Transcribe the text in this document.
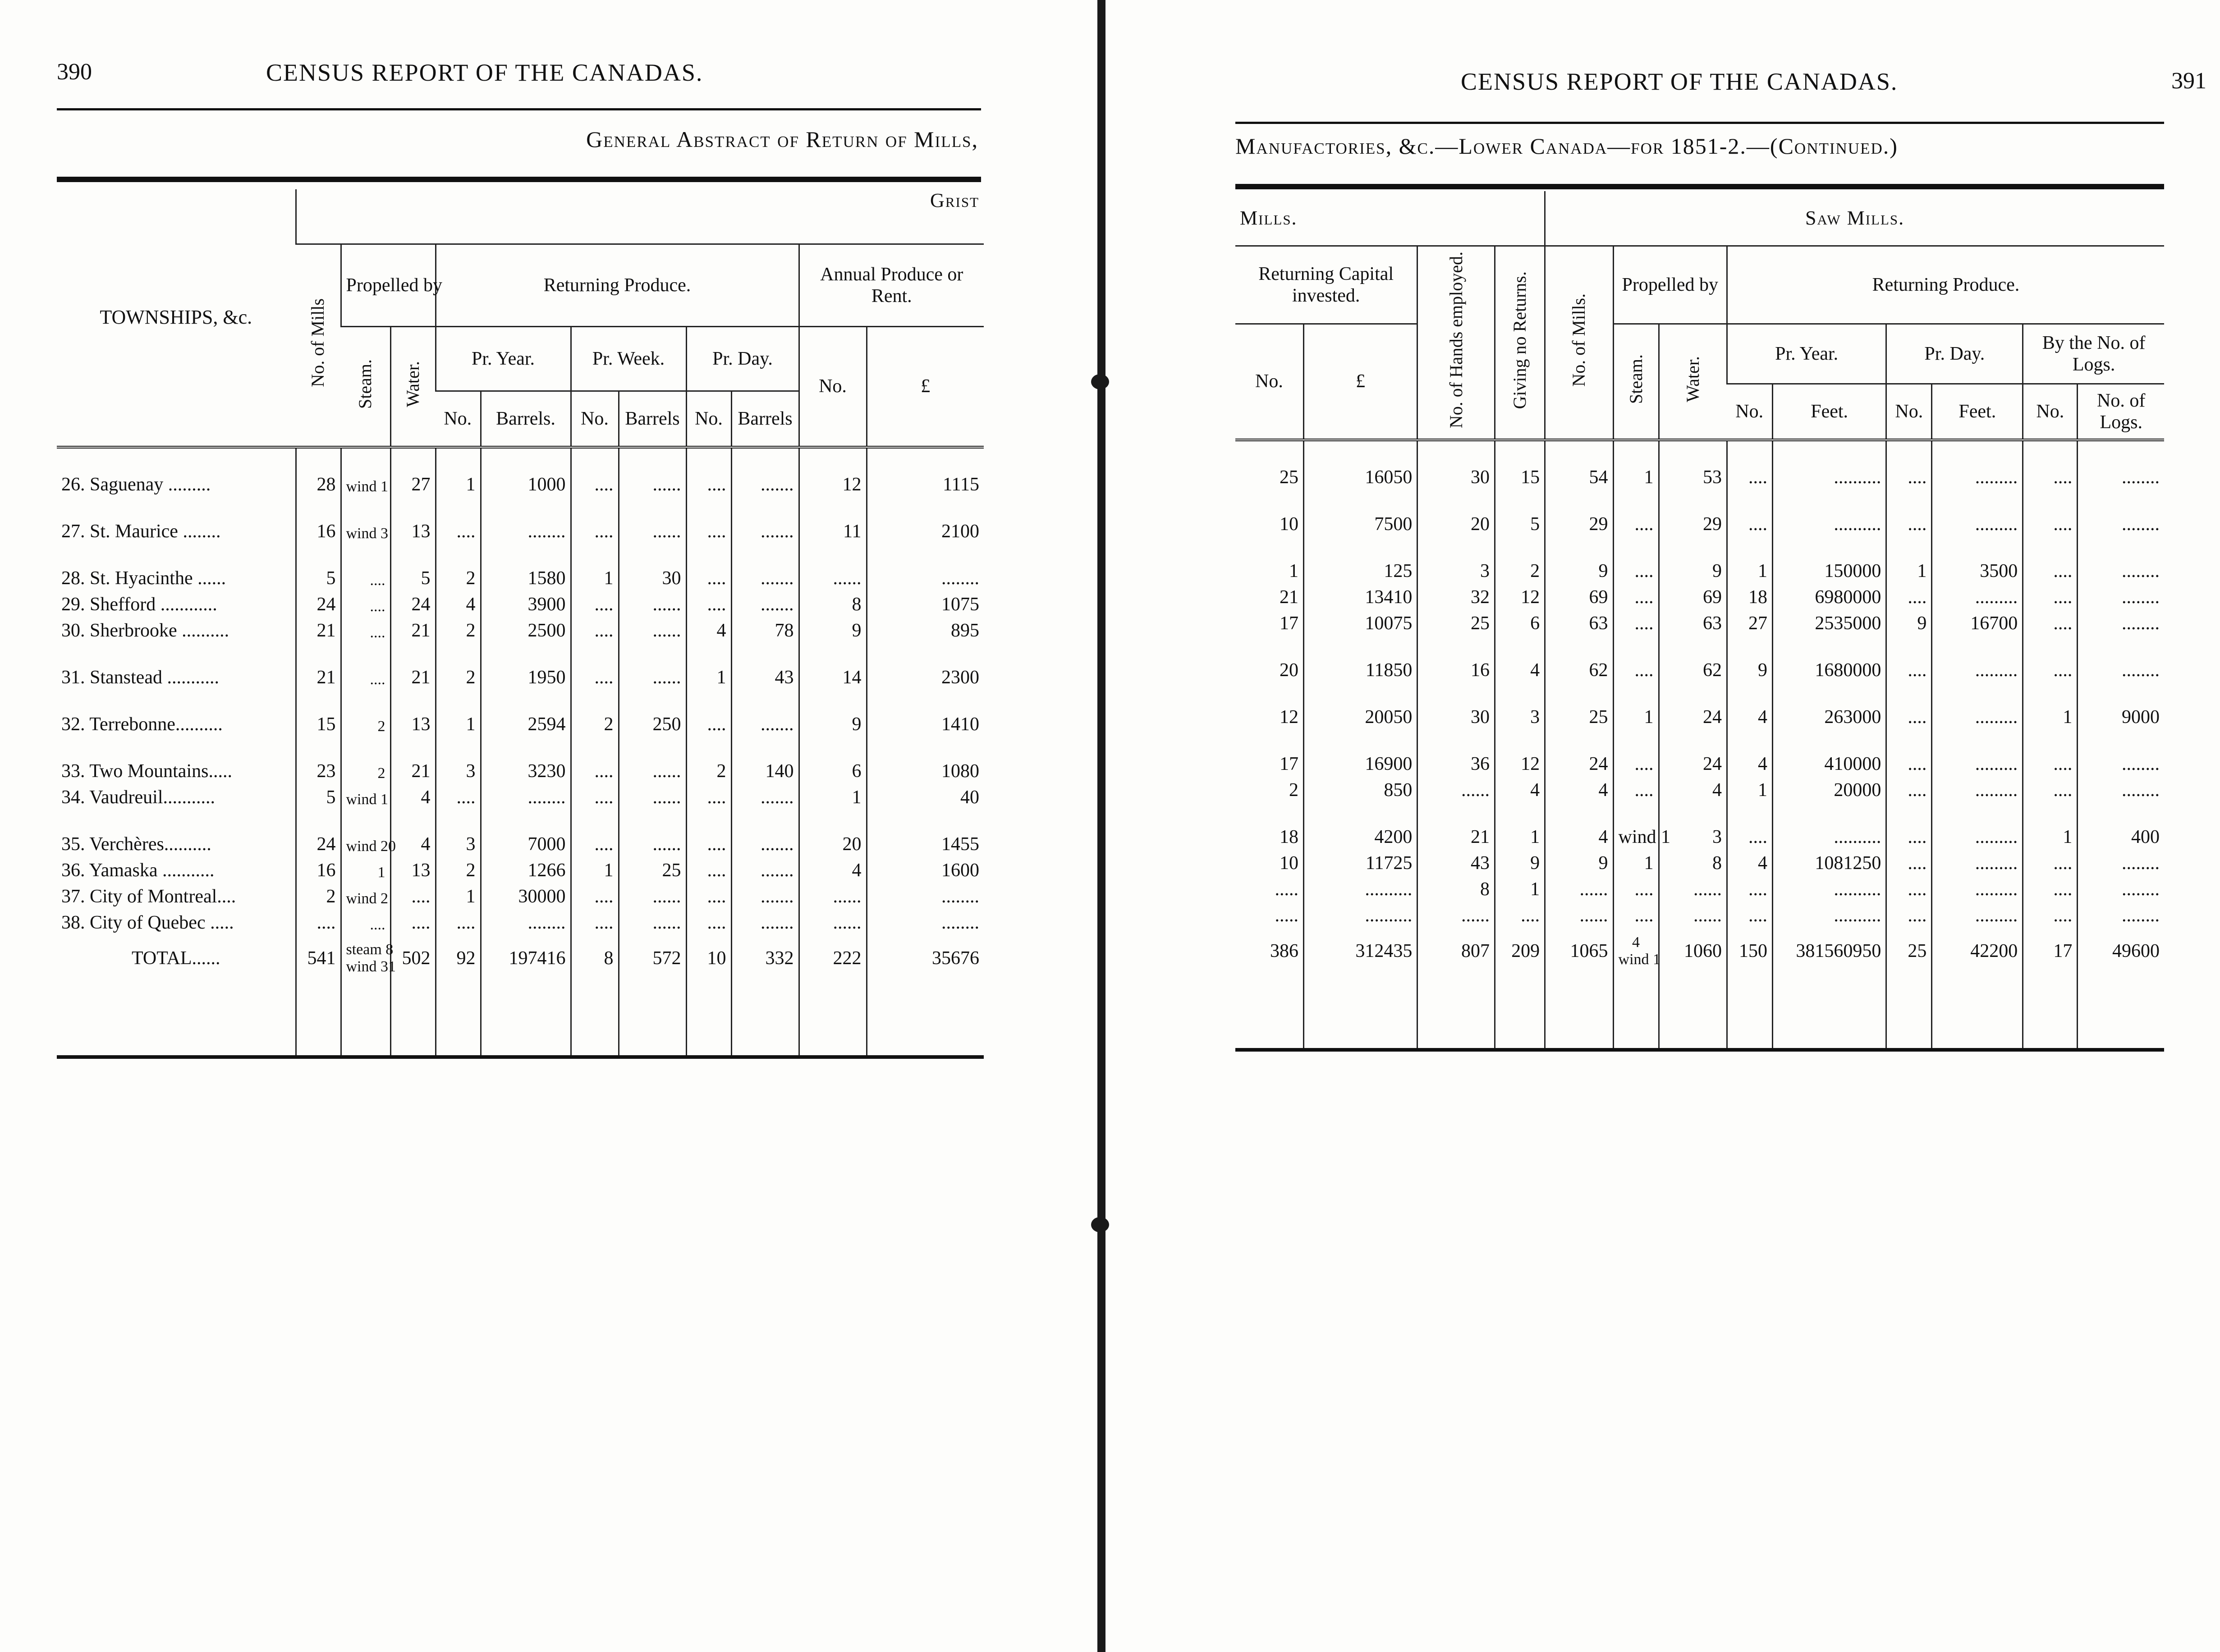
390	CENSUS REPORT OF THE CANADAS.
General Abstract of Return of Mills,
TOWNSHIPS, &c.	Grist										
	No. of Mills	Propelled by		Returning Produce.						Annual Produce or Rent.	
		Steam.	Water.	Pr. Year.		Pr. Week.		Pr. Day.		No.	£
				No.	Barrels.	No.	Barrels	No.	Barrels		

26. Saguenay .........	28	wind 1	27	1	1000	....	......	....	.......	12	1115

27. St. Maurice ........	16	wind 3	13	....	........	....	......	....	.......	11	2100

28. St. Hyacinthe ......	5	....	5	2	1580	1	30	....	.......	......	........
29. Shefford ............	24	....	24	4	3900	....	......	....	.......	8	1075
30. Sherbrooke ..........	21	....	21	2	2500	....	......	4	78	9	895

31. Stanstead ...........	21	....	21	2	1950	....	......	1	43	14	2300

32. Terrebonne..........	15	2	13	1	2594	2	250	....	.......	9	1410

33. Two Mountains.....	23	2	21	3	3230	....	......	2	140	6	1080
34. Vaudreuil...........	5	wind 1	4	....	........	....	......	....	.......	1	40

35. Verchères..........	24	wind 20	4	3	7000	....	......	....	.......	20	1455
36. Yamaska ...........	16	1	13	2	1266	1	25	....	.......	4	1600
37. City of Montreal....	2	wind 2	....	1	30000	....	......	....	.......	......	........
38. City of Quebec .....	....	....	....	....	........	....	......	....	.......	......	........
TOTAL......	541	steam 8
wind 31	502	92	197416	8	572	10	332	222	35676

CENSUS REPORT OF THE CANADAS.	391
Manufactories, &c.—Lower Canada—for 1851-2.—(Continued.)
Mills.				Saw Mills.								
Returning Capital invested.		No. of Hands employed.	Giving no Returns.	No. of Mills.	Propelled by		Returning Produce.					
No.	£				Steam.	Water.	Pr. Year.		Pr. Day.		By the No. of Logs.	
							No.	Feet.	No.	Feet.	No.	No. of Logs.

25	16050	30	15	54	1	53	....	..........	....	.........	....	........

10	7500	20	5	29	....	29	....	..........	....	.........	....	........

1	125	3	2	9	....	9	1	150000	1	3500	....	........
21	13410	32	12	69	....	69	18	6980000	....	.........	....	........
17	10075	25	6	63	....	63	27	2535000	9	16700	....	........

20	11850	16	4	62	....	62	9	1680000	....	.........	....	........

12	20050	30	3	25	1	24	4	263000	....	.........	1	9000

17	16900	36	12	24	....	24	4	410000	....	.........	....	........
2	850	......	4	4	....	4	1	20000	....	.........	....	........

18	4200	21	1	4	wind 1	3	....	..........	....	.........	1	400
10	11725	43	9	9	1	8	4	1081250	....	.........	....	........
.....	..........	8	1	......	....	......	....	..........	....	.........	....	........
.....	..........	......	....	......	....	......	....	..........	....	.........	....	........
386	312435	807	209	1065	4
wind 1	1060	150	381560950	25	42200	17	49600
